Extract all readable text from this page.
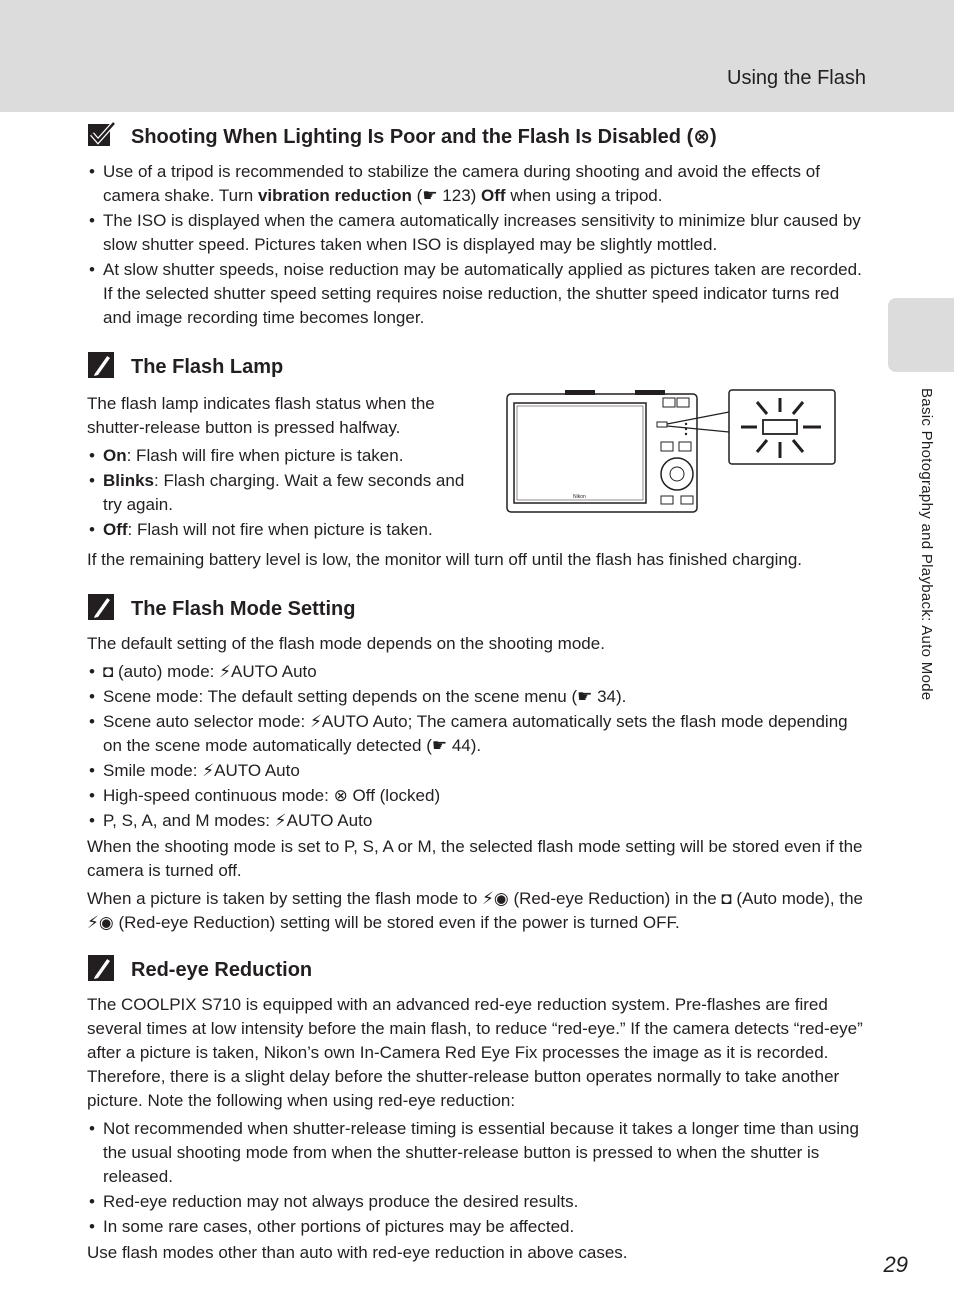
Using the Flash
Basic Photography and Playback: Auto Mode
Shooting When Lighting Is Poor and the Flash Is Disabled (⊗)
• Use of a tripod is recommended to stabilize the camera during shooting and avoid the effects of camera shake. Turn vibration reduction (☛ 123) Off when using a tripod.
• The ISO is displayed when the camera automatically increases sensitivity to minimize blur caused by slow shutter speed. Pictures taken when ISO is displayed may be slightly mottled.
• At slow shutter speeds, noise reduction may be automatically applied as pictures taken are recorded. If the selected shutter speed setting requires noise reduction, the shutter speed indicator turns red and image recording time becomes longer.
The Flash Lamp

The flash lamp indicates flash status when the shutter-release button is pressed halfway.

• On: Flash will fire when picture is taken.
• Blinks: Flash charging. Wait a few seconds and try again.
• Off: Flash will not fire when picture is taken.
Nikon

If the remaining battery level is low, the monitor will turn off until the flash has finished charging.

The Flash Mode Setting

The default setting of the flash mode depends on the shooting mode.

• ◘ (auto) mode: ⚡AUTO Auto
• Scene mode: The default setting depends on the scene menu (☛ 34).
• Scene auto selector mode: ⚡AUTO Auto; The camera automatically sets the flash mode depending on the scene mode automatically detected (☛ 44).
• Smile mode: ⚡AUTO Auto
• High-speed continuous mode: ⊗ Off (locked)
• P, S, A, and M modes: ⚡AUTO Auto

When the shooting mode is set to P, S, A or M, the selected flash mode setting will be stored even if the camera is turned off.

When a picture is taken by setting the flash mode to ⚡◉ (Red-eye Reduction) in the ◘ (Auto mode), the ⚡◉ (Red-eye Reduction) setting will be stored even if the power is turned OFF.

Red-eye Reduction

The COOLPIX S710 is equipped with an advanced red-eye reduction system. Pre-flashes are fired several times at low intensity before the main flash, to reduce “red-eye.” If the camera detects “red-eye” after a picture is taken, Nikon’s own In-Camera Red Eye Fix processes the image as it is recorded. Therefore, there is a slight delay before the shutter-release button operates normally to take another picture. Note the following when using red-eye reduction:

• Not recommended when shutter-release timing is essential because it takes a longer time than using the usual shooting mode from when the shutter-release button is pressed to when the shutter is released.
• Red-eye reduction may not always produce the desired results.
• In some rare cases, other portions of pictures may be affected.

Use flash modes other than auto with red-eye reduction in above cases.	29
